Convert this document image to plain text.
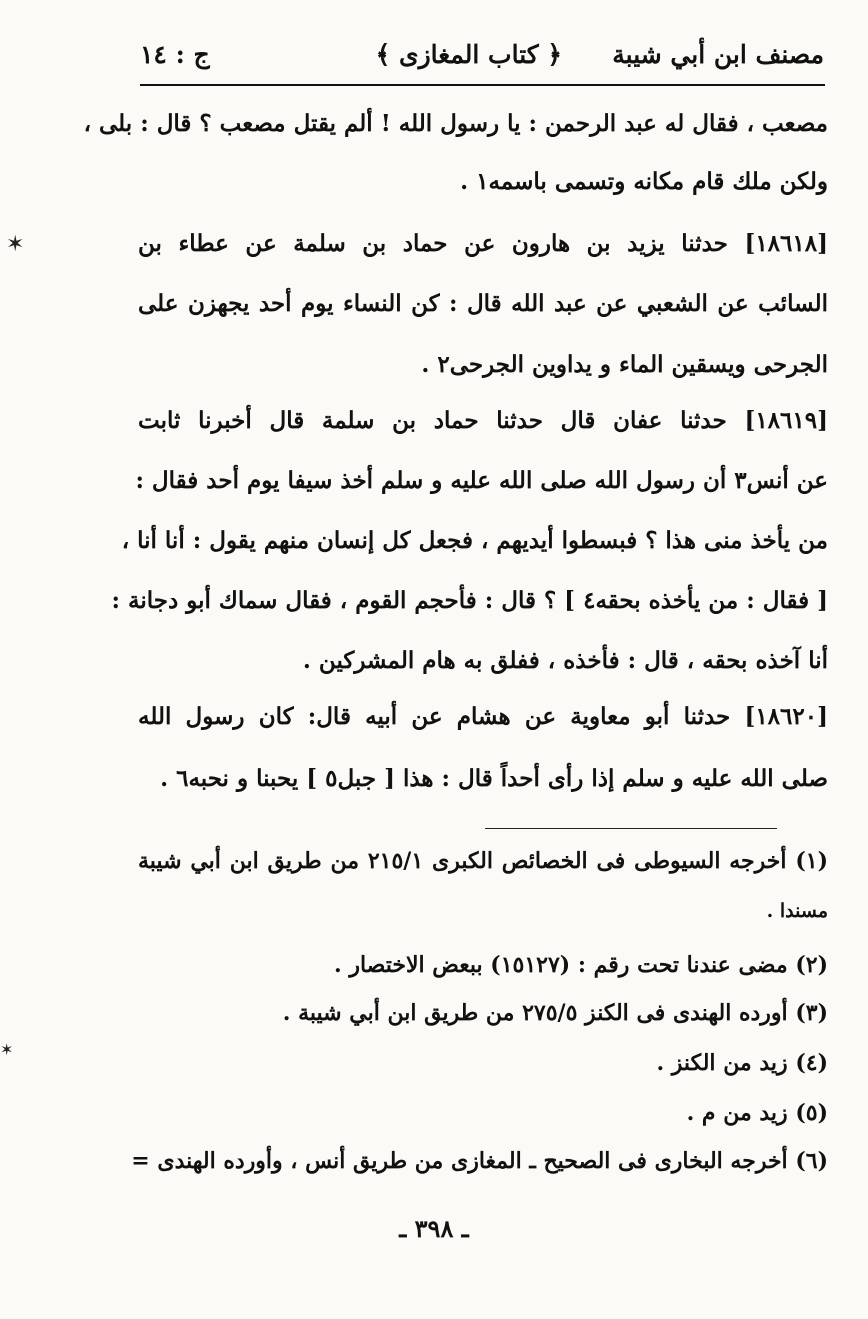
مصنف ابن أبي شيبة
﴿ كتاب المغازى ﴾
ج : ١٤
مصعب ، فقال له عبد الرحمن : يا رسول الله ! ألم يقتل مصعب ؟ قال : بلى ،
ولكن ملك قام مكانه وتسمى باسمه١ .
[١٨٦١٨] حدثنا يزيد بن هارون عن حماد بن سلمة عن عطاء بن
السائب عن الشعبي عن عبد الله قال : كن النساء يوم أحد يجهزن على
الجرحى ويسقين الماء و يداوين الجرحى٢ .
[١٨٦١٩] حدثنا عفان قال حدثنا حماد بن سلمة قال أخبرنا ثابت
عن أنس٣ أن رسول الله صلى الله عليه و سلم أخذ سيفا يوم أحد فقال :
من يأخذ منى هذا ؟ فبسطوا أيديهم ، فجعل كل إنسان منهم يقول : أنا أنا ،
[ فقال : من يأخذه بحقه٤ ] ؟ قال : فأحجم القوم ، فقال سماك أبو دجانة :
أنا آخذه بحقه ، قال : فأخذه ، ففلق به هام المشركين .
[١٨٦٢٠] حدثنا أبو معاوية عن هشام عن أبيه قال: كان رسول الله
صلى الله عليه و سلم إذا رأى أحداً قال : هذا [ جبل٥ ] يحبنا و نحبه٦ .
(١) أخرجه السيوطى فى الخصائص الكبرى ٢١٥/١ من طريق ابن أبي شيبة
مسندا .
(٢) مضى عندنا تحت رقم : (١٥١٢٧) ببعض الاختصار .
(٣) أورده الهندى فى الكنز ٢٧٥/٥ من طريق ابن أبي شيبة .
(٤) زيد من الكنز .
(٥) زيد من م .
(٦) أخرجه البخارى فى الصحيح ـ المغازى من طريق أنس ، وأورده الهندى =
ـ ٣٩٨ ـ
✶
✶
